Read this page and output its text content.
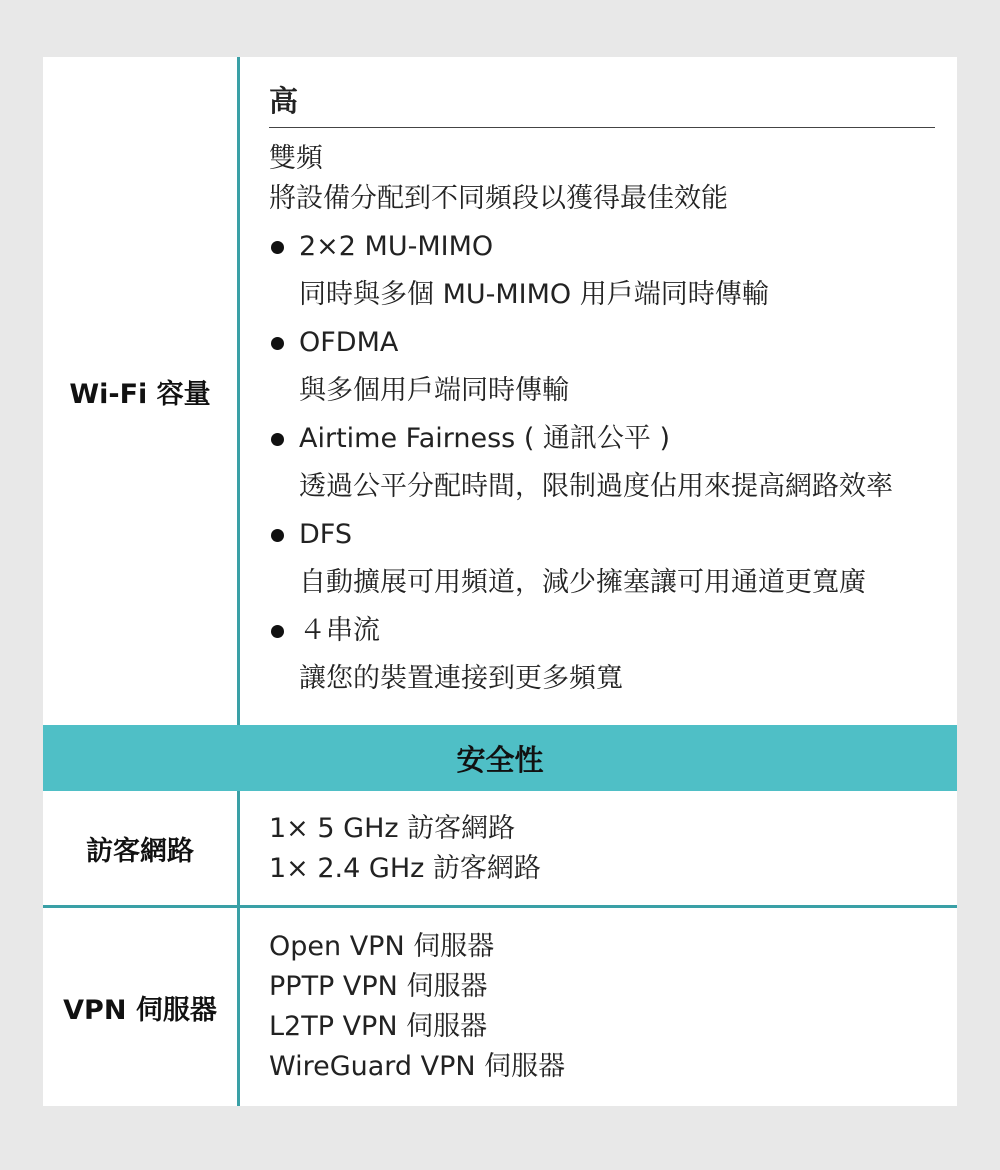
Wi-Fi 容量
高
雙頻
將設備分配到不同頻段以獲得最佳效能
2×2 MU-MIMO
同時與多個 MU-MIMO 用戶端同時傳輸
OFDMA
與多個用戶端同時傳輸
Airtime Fairness ( 通訊公平 )
透過公平分配時間，限制過度佔用來提高網路效率
DFS
自動擴展可用頻道，減少擁塞讓可用通道更寬廣
４串流
讓您的裝置連接到更多頻寬
安全性
訪客網路
1× 5 GHz 訪客網路
1× 2.4 GHz 訪客網路
VPN 伺服器
Open VPN 伺服器
PPTP VPN 伺服器
L2TP VPN 伺服器
WireGuard VPN 伺服器
